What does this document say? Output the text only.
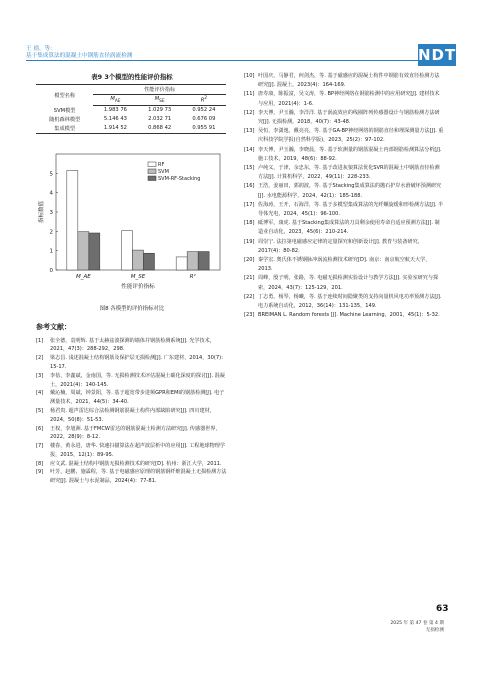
王 禧，等：
基于集成算法的混凝土中钢筋直径涡流检测	NDT
表9 3个模型的性能评价指标
模型名称	性能评价指标		
	$M_{AE}$	$M_{SE}$	$R^2$
SVM模型	1.983 76	1.029 73	0.952 24
随机森林模型	5.146 43	2.032 71	0.676 09
集成模型	1.914 52	0.868 42	0.955 91
0
1
2
3
4
5
指标数值
M_AE	M_SE	R²
性能评价指标
RF
SVM
SVM-RF-Stacking
图8 各模型的评价指标对比
参考文献：
[1]	张全德，袁明辉. 基于太赫兹波探测的墙体并钢筋检测系统[J]. 光学技术，2021，47(3)：288-292，298.
[2]	梁志昌. 浅述混凝土结构钢筋及保护层无损检测[J]. 广东建材，2014，30(7)：15-17.
[3]	李蓓，李鑫斌，金南国，等. 无损检测技术评估混凝土碳化深度的探讨[J]. 混凝土，2021(4)：140-145.
[4]	戴沁楠，周斌，钟景阳，等. 基于超宽带步进频GPR和EMI的钢筋检测[J]. 电子测量技术，2021，44(5)：34-40.
[5]	杨君贵. 超声雷达综合法检测钢筋混凝土构件内部缺陷研究[J]. 四川建材，2024，50(8)：51-53.
[6]	王权，李旭洲. 基于FMCW雷达的钢筋混凝土检测方法研究[J]. 传感器世界，2022，28(9)：8-12.
[7]	楼春，黄永进，唐华. 快速扫描算法在超声波层析中的应用[J]. 工程地球物理学报，2015，12(1)：89-95.
[8]	应文武. 混凝土结构中钢筋无损检测技术的研究[D]. 杭州：浙江大学，2011.
[9]	叶芳，赵鹏，施霖程，等. 基于电磁感应原理的钢筋钢纤维混凝土无损检测方法研究[J]. 混凝土与水泥制品，2024(4)：77-81.
[10] 叶国庆，马静君，何剑杰，等. 基于磁感应的混凝土构件中钢筋有效直径检测方法研究[J]. 混凝土，2023(4)：164-169.
[11] 唐寿康，陈振富，吴文涛，等. BP神经网络在钢筋检测中的应用研究[J]. 建材技术与应用，2021(4)：1-6.
[12] 李天博，尹玉瀚，李洋洋. 基于涡流效应的线圈阵列传感器设计与钢筋检测方法研究[J]. 无损检测，2018，40(7)：43-48.
[13] 吴恒，李潇逸，戴亮亮，等. 基于GA-BP神经网络的钢筋直径和埋深测量方法[J]. 重庆科技学院学报(自然科学版)，2023，25(2)：97-102.
[14] 李天博，尹玉瀚，李晓晨，等. 基于软测量的钢筋混凝土内部钢筋检测算法分析[J]. 施工技术，2019，48(6)：88-92.
[15] 卢纯义，于津，余忠东，等. 基于改进灰狼算法优化SVR的混凝土中钢筋直径检测方法[J]. 计算机科学，2022，49(11)：228-233.
[16] 王浩，姜丽田，郭润波，等. 基于Stacking集成算法的抛石护岸水滑破坏预测研究[J]. 水电能源科学，2024，42(1)：185-188.
[17] 佐海涛，王开，石海洋，等. 基于多模型集成算法的光纤螺旋缓和形检测方法[J]. 半导体光电，2024，45(1)：96-100.
[18] 砥博军，康虎. 基于Stacking集成算法的刀具剩余使用寿命自适应预测方法[J]. 制造业自动化，2023，45(6)：210-214.
[19] 周崇宁. 法拉第电磁感应定律的定量探究和创新设计[J]. 教育与装备研究，2017(4)：80-82.
[20] 秦学宏. 奥氏体不锈钢脉冲涡流检测技术研究[D]. 南京：南京航空航天大学，2013.
[21] 周峰，殷子明，张路，等. 电磁无损检测实验设计与教学方法[J]. 实验室研究与探索，2024，43(7)：125-129，201.
[22] 丁志勇，杨琴，杨曦，等. 基于连续时间隐聚类的支持向量机风电功率预测方法[J]. 电力系统自动化，2012，36(14)：131-135，149.
[23] BREIMAN L. Random forests [J]. Machine Learning，2001，45(1)：5-32.
63
2025 年 第 47 卷 第 4 期
无损检测
